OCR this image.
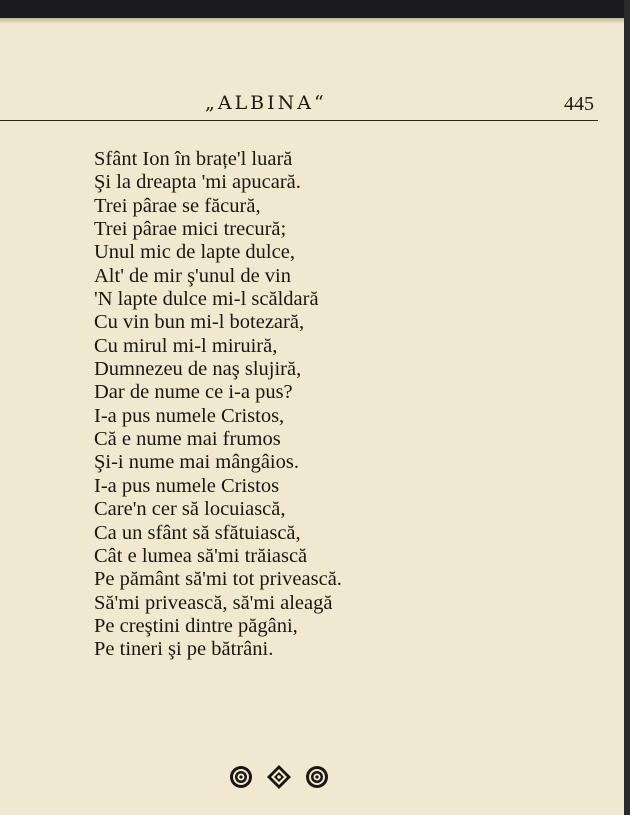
„ALBINA“	445
Sfânt Ion în brațe'l luară
Şi la dreapta 'mi apucară.
Trei pârae se făcură,
Trei pârae mici trecură;
Unul mic de lapte dulce,
Alt' de mir ş'unul de vin
'N lapte dulce mi-l scăldară
Cu vin bun mi-l botezară,
Cu mirul mi-l miruiră,
Dumnezeu de naş slujiră,
Dar de nume ce i-a pus?
I-a pus numele Cristos,
Că e nume mai frumos
Şi-i nume mai mângâios.
I-a pus numele Cristos
Care'n cer să locuiască,
Ca un sfânt să sfătuiască,
Cât e lumea să'mi trăiască
Pe pământ să'mi tot privească.
Să'mi privească, să'mi aleagă
Pe creştini dintre păgâni,
Pe tineri şi pe bătrâni.
